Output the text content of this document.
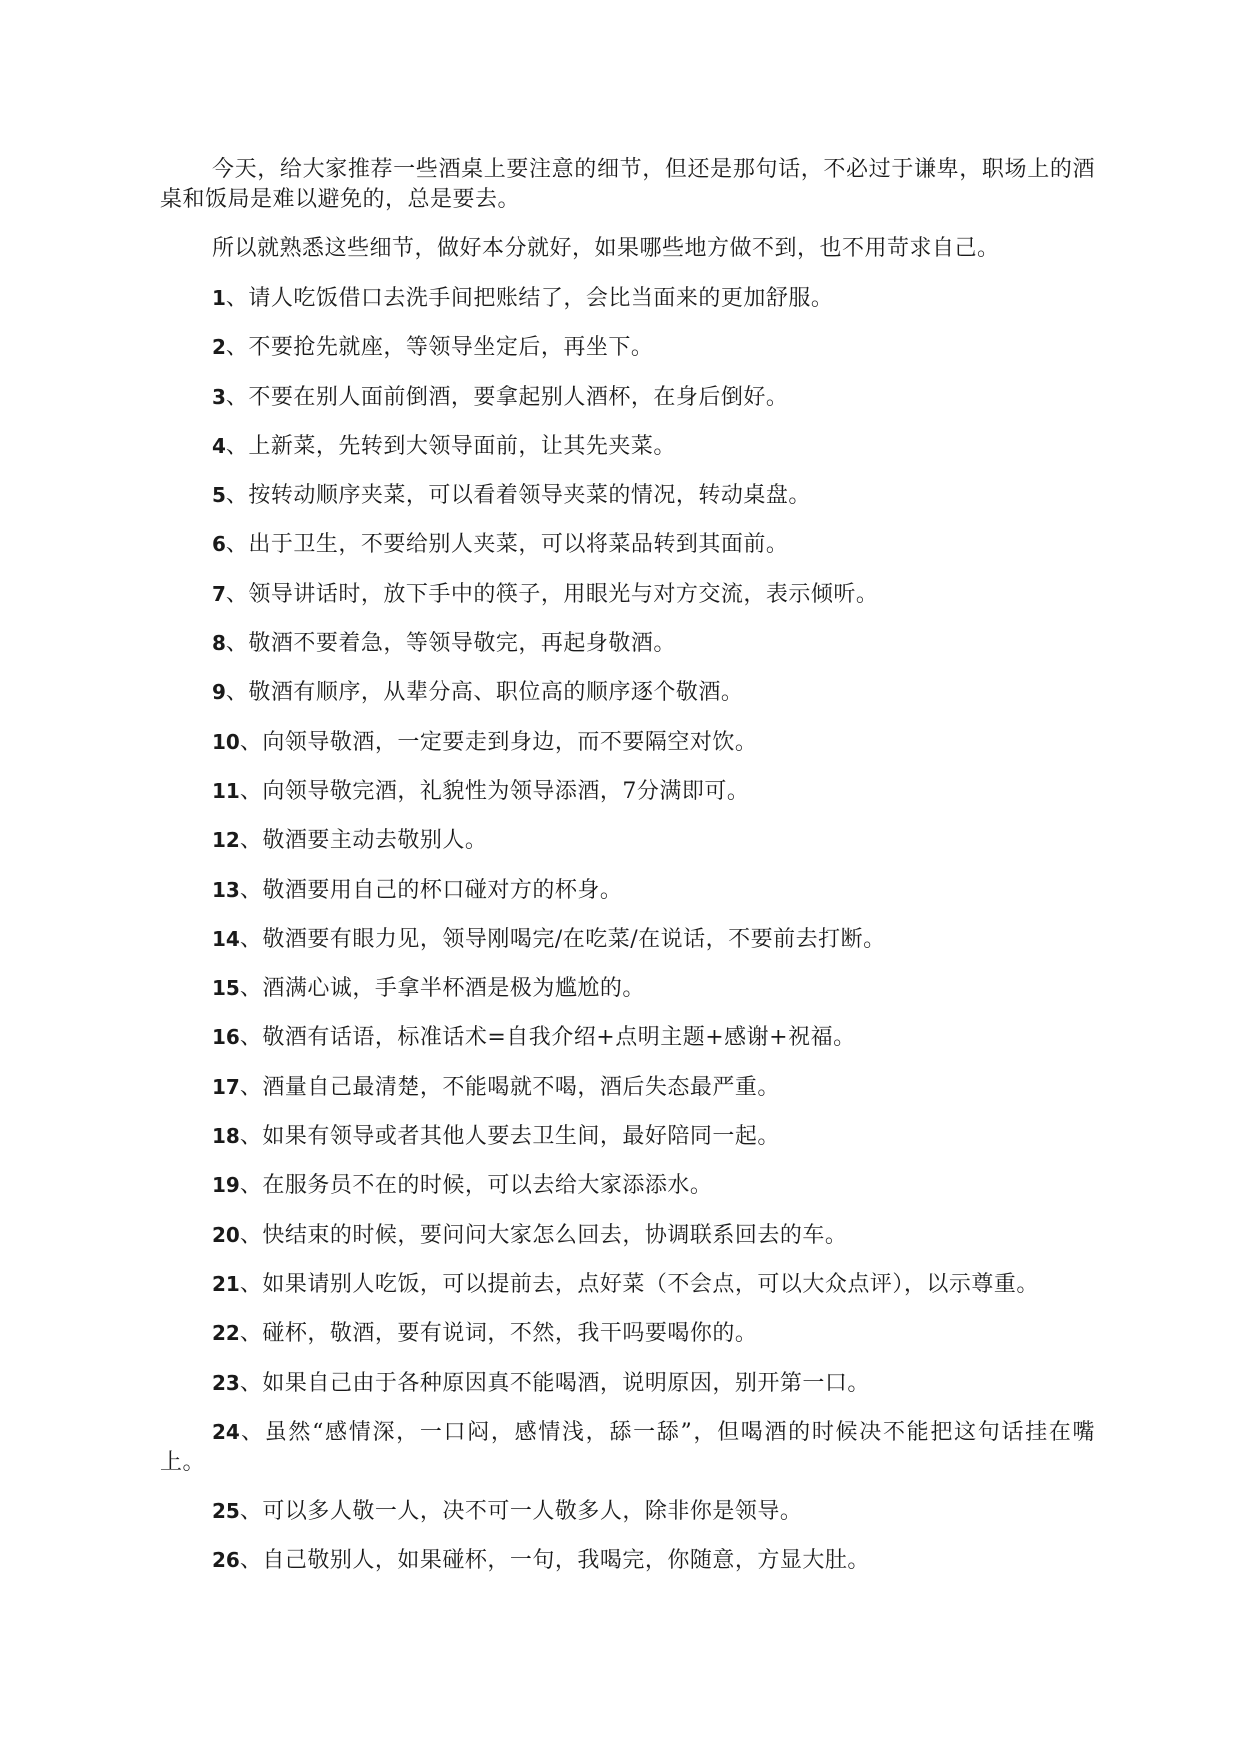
今天，给大家推荐一些酒桌上要注意的细节，但还是那句话，不必过于谦卑，职场上的酒桌和饭局是难以避免的，总是要去。

所以就熟悉这些细节，做好本分就好，如果哪些地方做不到，也不用苛求自己。

1、请人吃饭借口去洗手间把账结了，会比当面来的更加舒服。

2、不要抢先就座，等领导坐定后，再坐下。

3、不要在别人面前倒酒，要拿起别人酒杯，在身后倒好。

4、上新菜，先转到大领导面前，让其先夹菜。

5、按转动顺序夹菜，可以看着领导夹菜的情况，转动桌盘。

6、出于卫生，不要给别人夹菜，可以将菜品转到其面前。

7、领导讲话时，放下手中的筷子，用眼光与对方交流，表示倾听。

8、敬酒不要着急，等领导敬完，再起身敬酒。

9、敬酒有顺序，从辈分高、职位高的顺序逐个敬酒。

10、向领导敬酒，一定要走到身边，而不要隔空对饮。

11、向领导敬完酒，礼貌性为领导添酒，7分满即可。

12、敬酒要主动去敬别人。

13、敬酒要用自己的杯口碰对方的杯身。

14、敬酒要有眼力见，领导刚喝完/在吃菜/在说话，不要前去打断。

15、酒满心诚，手拿半杯酒是极为尴尬的。

16、敬酒有话语，标准话术=自我介绍+点明主题+感谢+祝福。

17、酒量自己最清楚，不能喝就不喝，酒后失态最严重。

18、如果有领导或者其他人要去卫生间，最好陪同一起。

19、在服务员不在的时候，可以去给大家添添水。

20、快结束的时候，要问问大家怎么回去，协调联系回去的车。

21、如果请别人吃饭，可以提前去，点好菜（不会点，可以大众点评），以示尊重。

22、碰杯，敬酒，要有说词，不然，我干吗要喝你的。

23、如果自己由于各种原因真不能喝酒，说明原因，别开第一口。

24、虽然“感情深，一口闷，感情浅，舔一舔”，但喝酒的时候决不能把这句话挂在嘴上。

25、可以多人敬一人，决不可一人敬多人，除非你是领导。

26、自己敬别人，如果碰杯，一句，我喝完，你随意，方显大肚。
